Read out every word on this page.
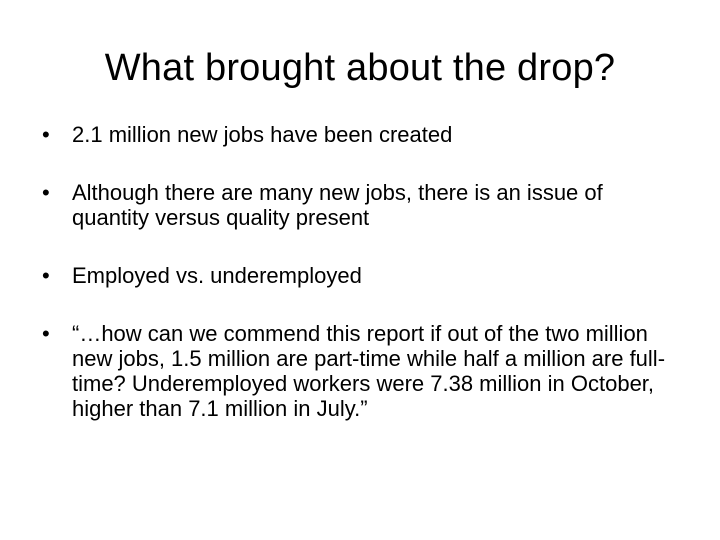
What brought about the drop?
• 2.1 million new jobs have been created
• Although there are many new jobs, there is an issue of quantity versus quality present
• Employed vs. underemployed
• “…how can we commend this report if out of the two million new jobs, 1.5 million are part-time while half a million are full-time? Underemployed workers were 7.38 million in October, higher than 7.1 million in July.”
